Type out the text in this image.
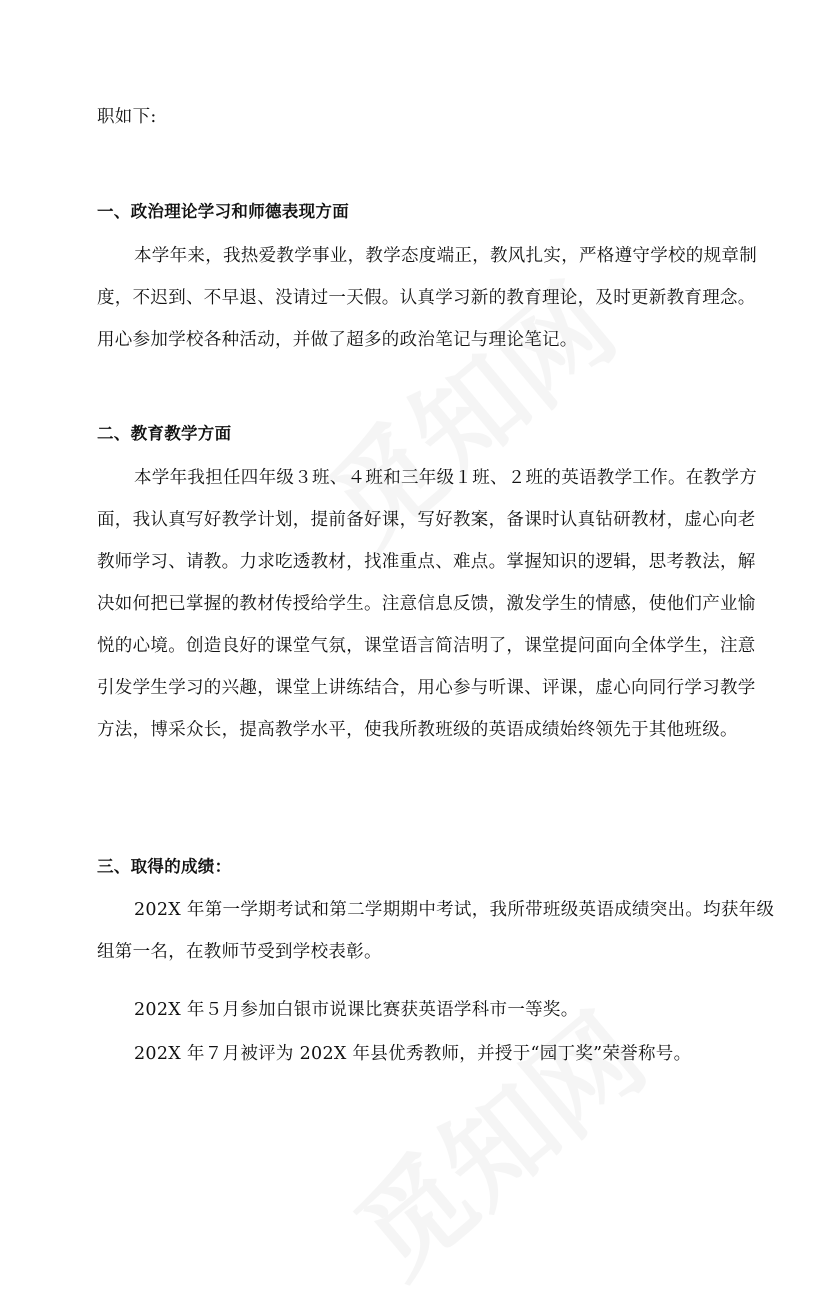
职如下:
一、政治理论学习和师德表现方面
本学年来，我热爱教学事业，教学态度端正，教风扎实，严格遵守学校的规章制
度，不迟到、不早退、没请过一天假。认真学习新的教育理论，及时更新教育理念。
用心参加学校各种活动，并做了超多的政治笔记与理论笔记。
二、教育教学方面
本学年我担任四年级３班、４班和三年级１班、２班的英语教学工作。在教学方
面，我认真写好教学计划，提前备好课，写好教案，备课时认真钻研教材，虚心向老
教师学习、请教。力求吃透教材，找准重点、难点。掌握知识的逻辑，思考教法，解
决如何把已掌握的教材传授给学生。注意信息反馈，激发学生的情感，使他们产业愉
悦的心境。创造良好的课堂气氛，课堂语言简洁明了，课堂提问面向全体学生，注意
引发学生学习的兴趣，课堂上讲练结合，用心参与听课、评课，虚心向同行学习教学
方法，博采众长，提高教学水平，使我所教班级的英语成绩始终领先于其他班级。
三、取得的成绩：
202X 年第一学期考试和第二学期期中考试，我所带班级英语成绩突出。均获年级
组第一名，在教师节受到学校表彰。
202X 年５月参加白银市说课比赛获英语学科市一等奖。
202X 年７月被评为 202X 年县优秀教师，并授于“园丁奖”荣誉称号。
